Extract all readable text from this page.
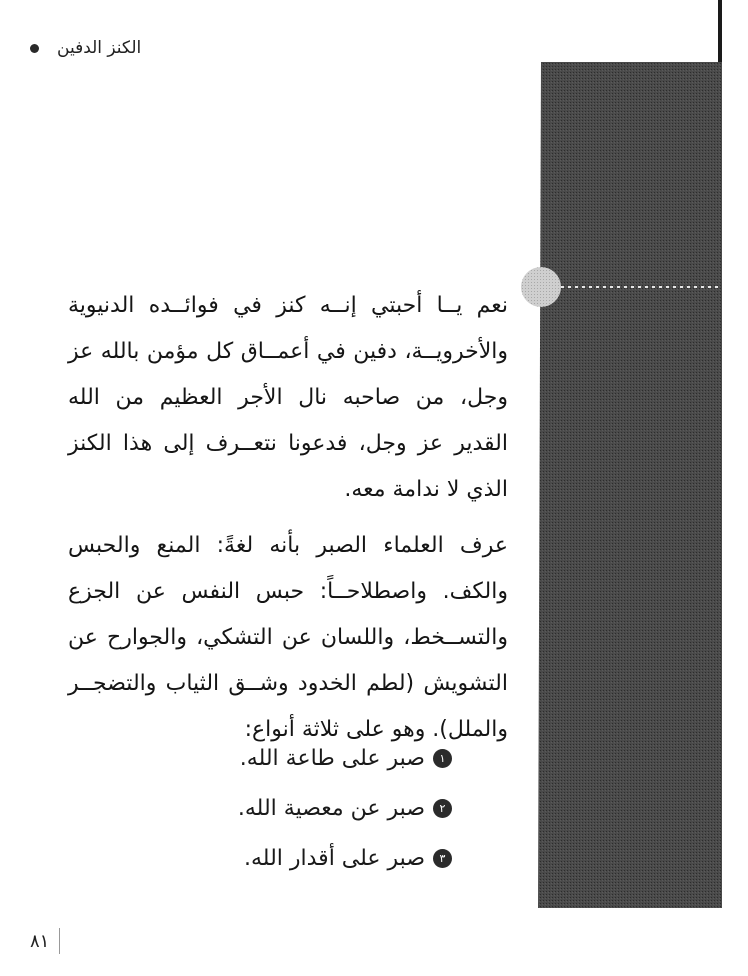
الكنز الدفين

نعم يــا أحبتي إنــه كنز في فوائــده الدنيوية والأخرويــة، دفين في أعمــاق كل مؤمن بالله عز وجل، من صاحبه نال الأجر العظيم من الله القدير عز وجل، فدعونا نتعــرف إلى هذا الكنز الذي لا ندامة معه.

عرف العلماء الصبر بأنه لغةً: المنع والحبس والكف. واصطلاحــاً: حبس النفس عن الجزع والتســخط، واللسان عن التشكي، والجوارح عن التشويش (لطم الخدود وشــق الثياب والتضجــر والملل). وهو على ثلاثة أنواع:

١
صبر على طاعة الله.
٢
صبر عن معصية الله.
٣
صبر على أقدار الله.
٨١
